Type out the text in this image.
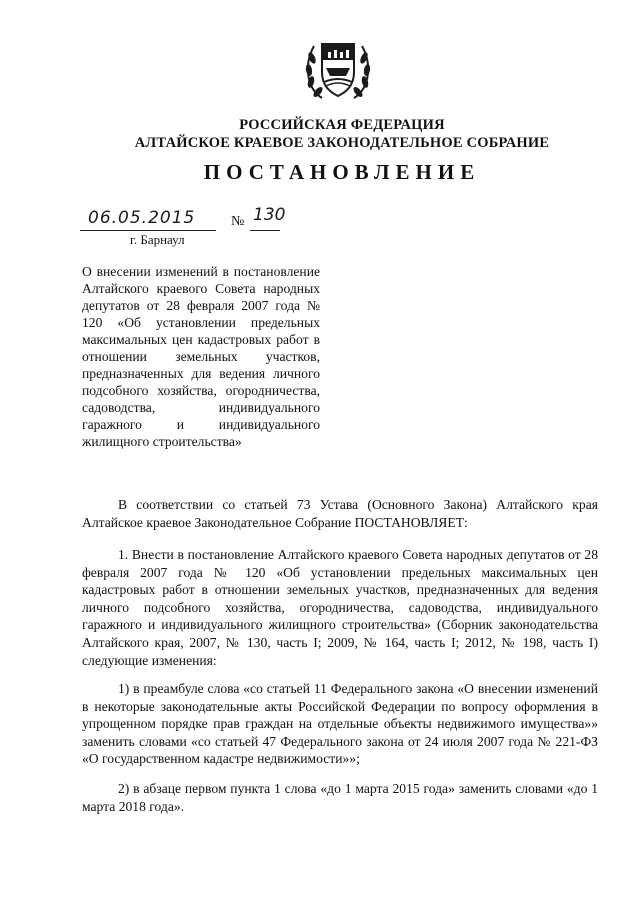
РОССИЙСКАЯ ФЕДЕРАЦИЯ
АЛТАЙСКОЕ КРАЕВОЕ ЗАКОНОДАТЕЛЬНОЕ СОБРАНИЕ
ПОСТАНОВЛЕНИЕ
06.05.2015	№ 130
г. Барнаул
О внесении изменений в постановление Алтайского краевого Совета народных депутатов от 28 февраля 2007 года № 120 «Об установлении предельных максимальных цен кадастровых работ в отношении земельных участков, предназначенных для ведения личного подсобного хозяйства, огородничества, садоводства, индивидуального гаражного и индивидуального жилищного строительства»

В соответствии со статьей 73 Устава (Основного Закона) Алтайского края Алтайское краевое Законодательное Собрание ПОСТАНОВЛЯЕТ:

1. Внести в постановление Алтайского краевого Совета народных депутатов от 28 февраля 2007 года № 120 «Об установлении предельных максимальных цен кадастровых работ в отношении земельных участков, предназначенных для ведения личного подсобного хозяйства, огородничества, садоводства, индивидуального гаражного и индивидуального жилищного строительства» (Сборник законодательства Алтайского края, 2007, № 130, часть I; 2009, № 164, часть I; 2012, № 198, часть I) следующие изменения:

1) в преамбуле слова «со статьей 11 Федерального закона «О внесении изменений в некоторые законодательные акты Российской Федерации по вопросу оформления в упрощенном порядке прав граждан на отдельные объекты недвижимого имущества»» заменить словами «со статьей 47 Федерального закона от 24 июля 2007 года № 221-ФЗ «О государственном кадастре недвижимости»»;

2) в абзаце первом пункта 1 слова «до 1 марта 2015 года» заменить словами «до 1 марта 2018 года».
